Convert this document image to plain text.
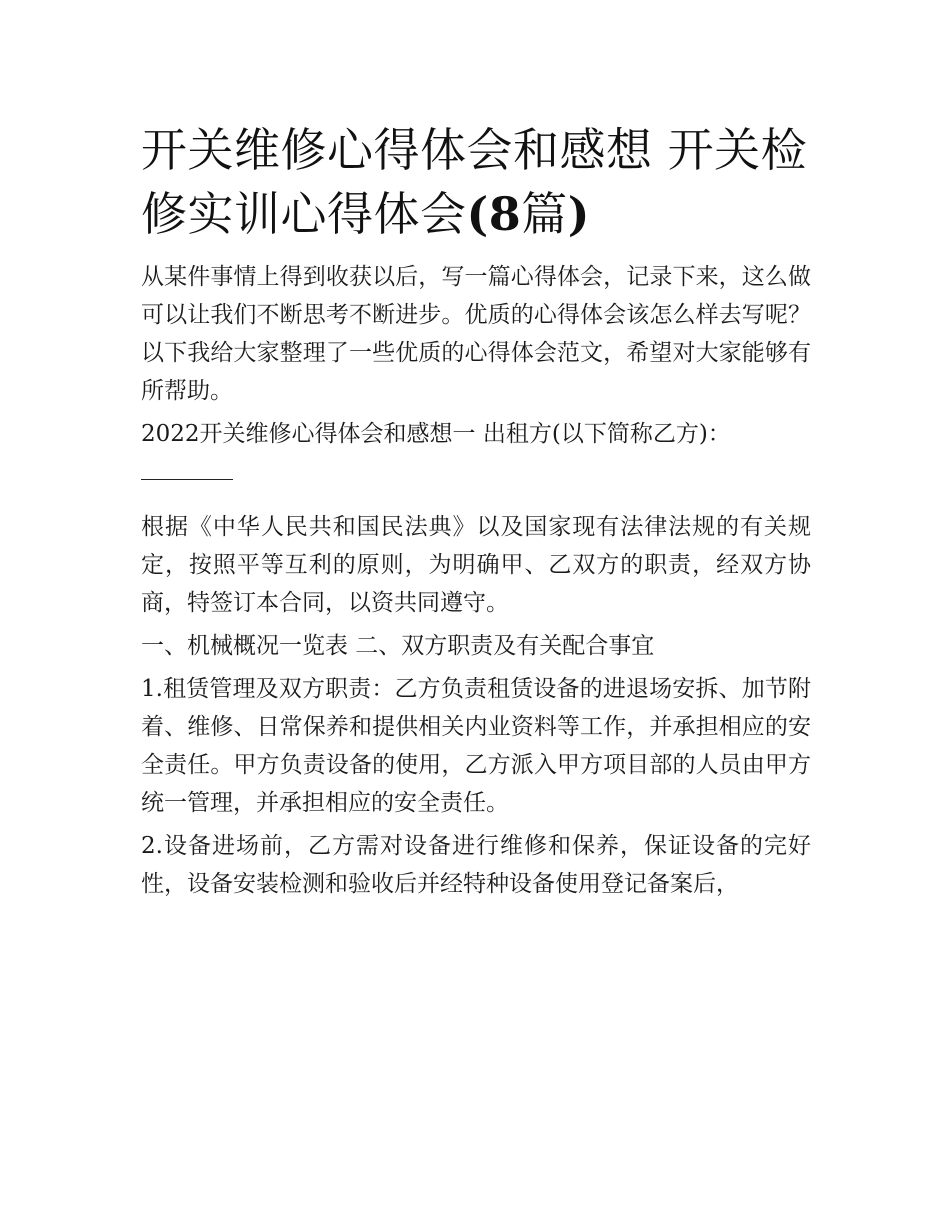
开关维修心得体会和感想 开关检修实训心得体会(8篇)

从某件事情上得到收获以后，写一篇心得体会，记录下来，这么做可以让我们不断思考不断进步。优质的心得体会该怎么样去写呢？以下我给大家整理了一些优质的心得体会范文，希望对大家能够有所帮助。

2022开关维修心得体会和感想一 出租方(以下简称乙方)：

根据《中华人民共和国民法典》以及国家现有法律法规的有关规定，按照平等互利的原则，为明确甲、乙双方的职责，经双方协商，特签订本合同，以资共同遵守。

一、机械概况一览表 二、双方职责及有关配合事宜

1.租赁管理及双方职责：乙方负责租赁设备的进退场安拆、加节附着、维修、日常保养和提供相关内业资料等工作，并承担相应的安全责任。甲方负责设备的使用，乙方派入甲方项目部的人员由甲方统一管理，并承担相应的安全责任。

2.设备进场前，乙方需对设备进行维修和保养，保证设备的完好性，设备安装检测和验收后并经特种设备使用登记备案后，
